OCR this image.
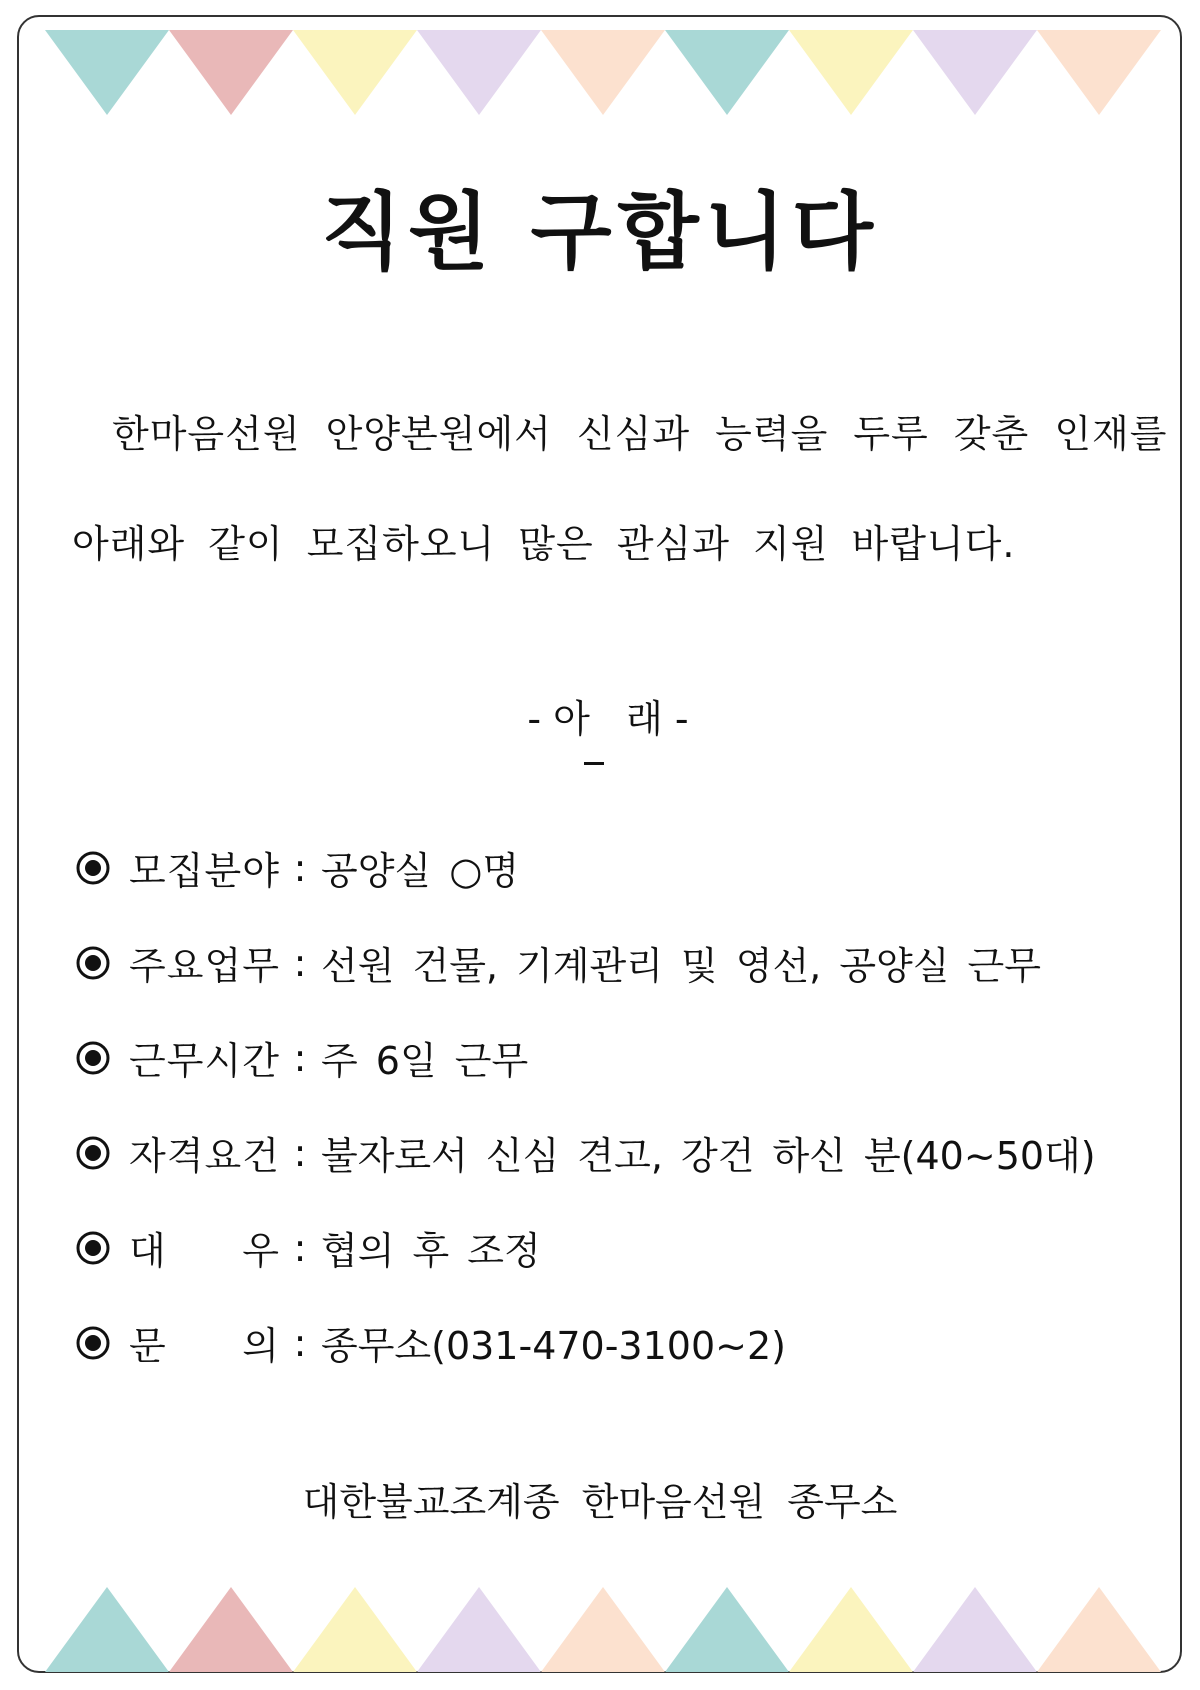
직원 구합니다

한마음선원 안양본원에서 신심과 능력을 두루 갖춘 인재를

아래와 같이 모집하오니 많은 관심과 지원 바랍니다.

- 아   래 -

모 집 분 야 : 공양실 ○명
주 요 업 무 : 선원 건물, 기계관리 및 영선, 공양실 근무
근 무 시 간 : 주 6일 근무
자 격 요 건 : 불자로서 신심 견고, 강건 하신 분(40~50대)
대 우 : 협의 후 조정
문 의 : 종무소(031-470-3100~2)

대한불교조계종 한마음선원 종무소
